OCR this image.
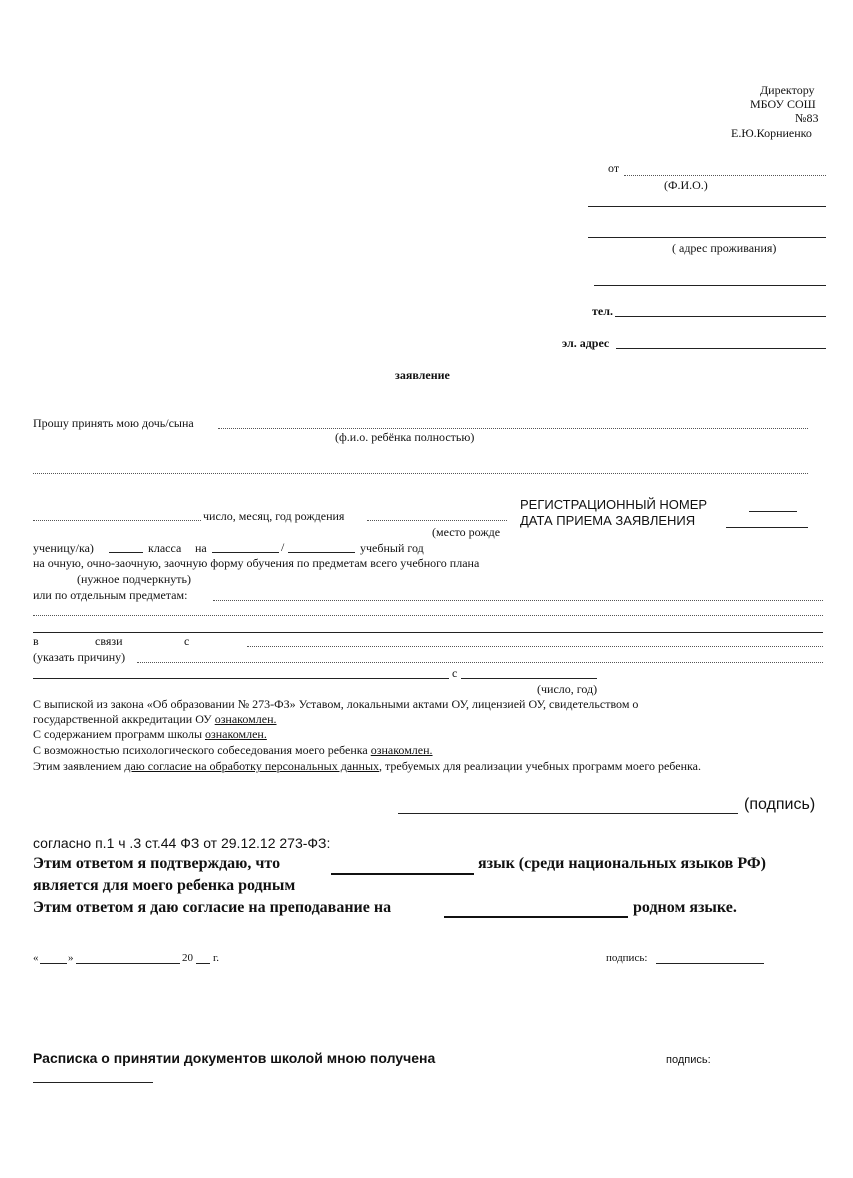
Директору
МБОУ СОШ
№83
Е.Ю.Корниенко
от
(Ф.И.О.)
( адрес проживания)
тел.
эл. адрес
заявление
Прошу принять мою дочь/сына
(ф.и.о. ребёнка полностью)
число, месяц, год рождения
(место рожде
РЕГИСТРАЦИОННЫЙ НОМЕР
ДАТА ПРИЕМА ЗАЯВЛЕНИЯ
ученицу/ка)	класса на	/	учебный год
на очную, очно-заочную, заочную форму обучения по предметам всего учебного плана
(нужное подчеркнуть)
или по отдельным предметам:
в	связи	с
(указать причину)
с
(число, год)
С выпиской из закона «Об образовании № 273-ФЗ» Уставом, локальными актами ОУ, лицензией ОУ, свидетельством о
государственной аккредитации ОУ ознакомлен.
С содержанием программ школы ознакомлен.
С возможностью психологического собеседования моего ребенка ознакомлен.
Этим заявлением даю согласие на обработку персональных данных, требуемых для реализации учебных программ моего ребенка.
(подпись)
согласно п.1 ч .3 ст.44 ФЗ от 29.12.12 273-ФЗ:
Этим ответом я подтверждаю, что	язык (среди национальных языков РФ)
является для моего ребенка родным
Этим ответом я даю согласие на преподавание на	родном языке.
«	»	20 г.	подпись:
Расписка о принятии документов школой мною получена	подпись:
